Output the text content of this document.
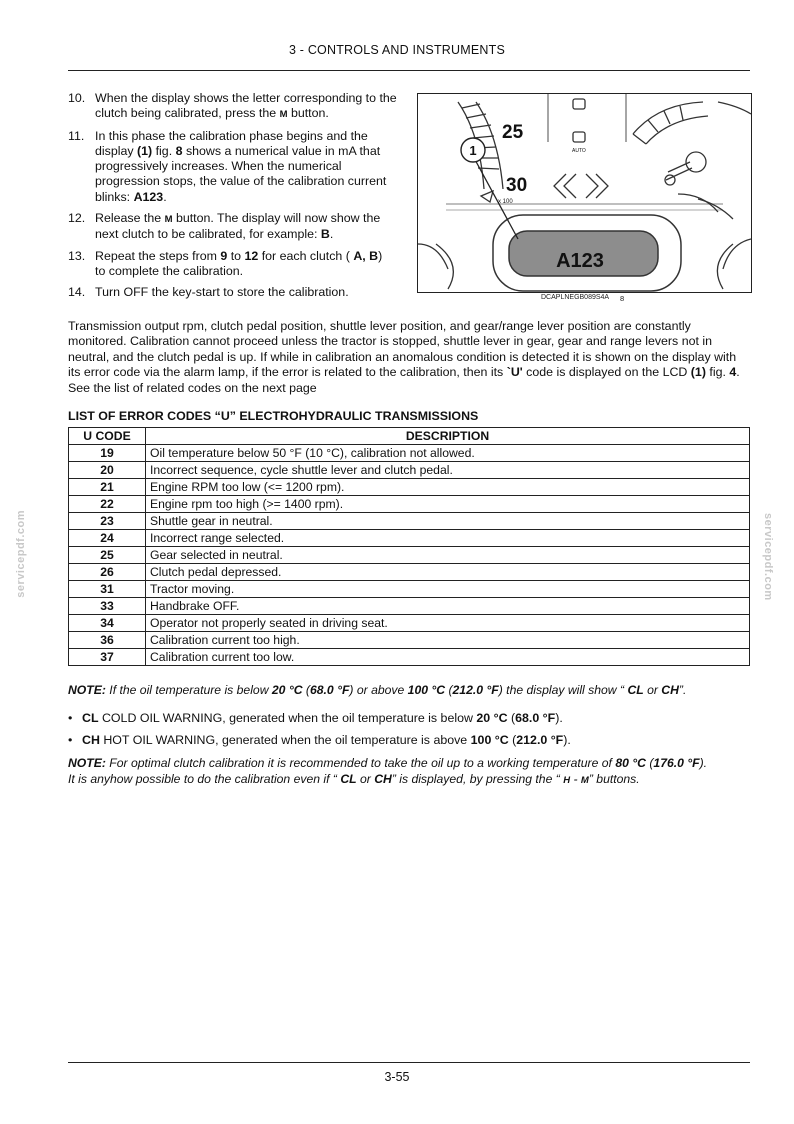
3 - CONTROLS AND INSTRUMENTS
10. When the display shows the letter corresponding to the clutch being calibrated, press the M button.
11. In this phase the calibration phase begins and the display (1) fig. 8 shows a numerical value in mA that progressively increases. When the numerical progression stops, the value of the calibration current blinks: A123.
12. Release the M button. The display will now show the next clutch to be calibrated, for example: B.
13. Repeat the steps from 9 to 12 for each clutch ( A, B)
to complete the calibration.
14. Turn OFF the key-start to store the calibration.
1
25
30
x 100
AUTO
A123
DCAPLNEGB089S4A 8
Transmission output rpm, clutch pedal position, shuttle lever position, and gear/range lever position are constantly monitored. Calibration cannot proceed unless the tractor is stopped, shuttle lever in gear, gear and range levers not in neutral, and the clutch pedal is up. If while in calibration an anomalous condition is detected it is shown on the display with its error code via the alarm lamp, if the error is related to the calibration, then its `U' code is displayed on the LCD (1) fig. 4. See the list of related codes on the next page
LIST OF ERROR CODES “U” ELECTROHYDRAULIC TRANSMISSIONS
U CODE	DESCRIPTION
19	Oil temperature below 50 °F (10 °C), calibration not allowed.
20	Incorrect sequence, cycle shuttle lever and clutch pedal.
21	Engine RPM too low (<= 1200 rpm).
22	Engine rpm too high (>= 1400 rpm).
23	Shuttle gear in neutral.
24	Incorrect range selected.
25	Gear selected in neutral.
26	Clutch pedal depressed.
31	Tractor moving.
33	Handbrake OFF.
34	Operator not properly seated in driving seat.
36	Calibration current too high.
37	Calibration current too low.
NOTE: If the oil temperature is below 20 °C (68.0 °F) or above 100 °C (212.0 °F) the display will show “ CL or CH”.
• CL COLD OIL WARNING, generated when the oil temperature is below 20 °C (68.0 °F).
• CH HOT OIL WARNING, generated when the oil temperature is above 100 °C (212.0 °F).
NOTE: For optimal clutch calibration it is recommended to take the oil up to a working temperature of 80 °C (176.0 °F).
It is anyhow possible to do the calibration even if “ CL or CH” is displayed, by pressing the “ H - M” buttons.
servicepdf.com	servicepdf.com
3-55
